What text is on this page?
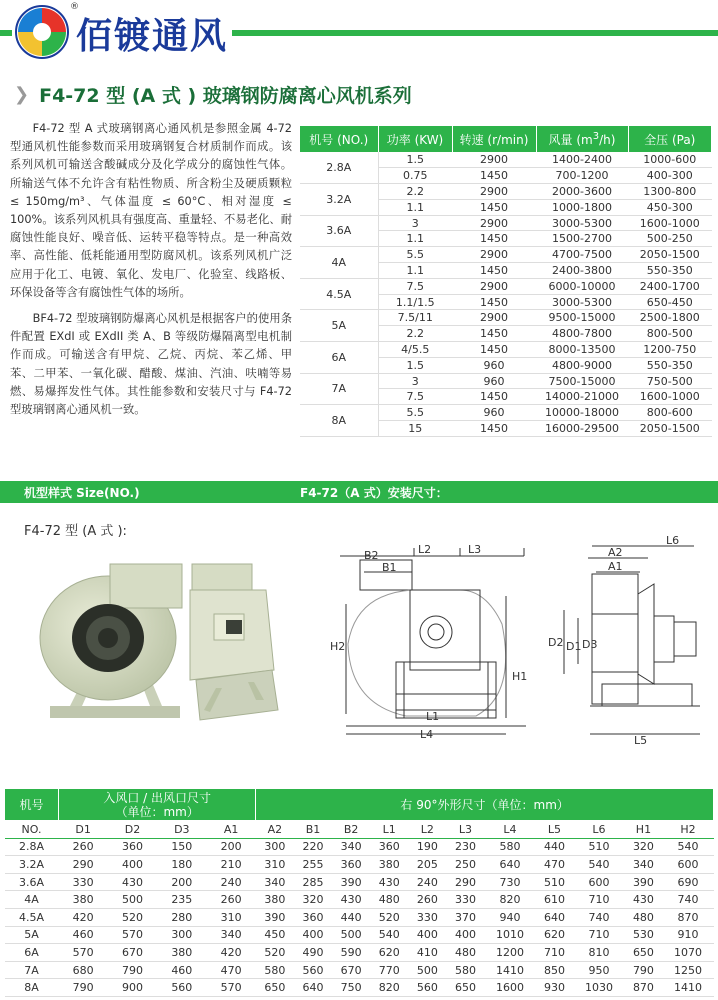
®
佰镀通风
❯ F4-72 型 (A 式 ) 玻璃钢防腐离心风机系列

F4-72 型 A 式玻璃钢离心通风机是参照金属 4-72 型通风机性能参数而采用玻璃钢复合材质制作而成。该系列风机可输送含酸碱成分及化学成分的腐蚀性气体。所输送气体不允许含有粘性物质、所含粉尘及硬质颗粒 ≤ 150mg/m³、气体温度 ≤ 60°C、相对湿度 ≤ 100%。该系列风机具有强度高、重量轻、不易老化、耐腐蚀性能良好、噪音低、运转平稳等特点。是一种高效率、高性能、低耗能通用型防腐风机。该系列风机广泛应用于化工、电镀、氧化、发电厂、化验室、线路板、环保设备等含有腐蚀性气体的场所。

BF4-72 型玻璃钢防爆离心风机是根据客户的使用条件配置 EXdI 或 EXdII 类 A、B 等级防爆隔离型电机制作而成。可输送含有甲烷、乙烷、丙烷、苯乙烯、甲苯、二甲苯、一氧化碳、醋酸、煤油、汽油、呋喃等易燃、易爆挥发性气体。其性能参数和安装尺寸与 F4-72 型玻璃钢离心通风机一致。

机号 (NO.)	功率 (KW)	转速 (r/min)	风量 $(m^3/h)$	全压 (Pa)
2.8A	1.5	2900	1400-2400	1000-600
	0.75	1450	700-1200	400-300
3.2A	2.2	2900	2000-3600	1300-800
	1.1	1450	1000-1800	450-300
3.6A	3	2900	3000-5300	1600-1000
	1.1	1450	1500-2700	500-250
4A	5.5	2900	4700-7500	2050-1500
	1.1	1450	2400-3800	550-350
4.5A	7.5	2900	6000-10000	2400-1700
	1.1/1.5	1450	3000-5300	650-450
5A	7.5/11	2900	9500-15000	2500-1800
	2.2	1450	4800-7800	800-500
6A	4/5.5	1450	8000-13500	1200-750
	1.5	960	4800-9000	550-350
7A	3	960	7500-15000	750-500
	7.5	1450	14000-21000	1600-1000
8A	5.5	960	10000-18000	800-600
	15	1450	16000-29500	2050-1500
机型样式 Size(NO.)	F4-72（A 式）安装尺寸：
F4-72 型 (A 式 ):
B2
B1
L2	L3
H2
H1
L1
L4
A2
A1
L6
D2 D1 D3
L5
机号	入风口 / 出风口尺寸
（单位：mm）				右 90°外形尺寸（单位：mm）										
NO.	D1	D2	D3	A1	A2	B1	B2	L1	L2	L3	L4	L5	L6	H1	H2
2.8A	260	360	150	200	300	220	340	360	190	230	580	440	510	320	540
3.2A	290	400	180	210	310	255	360	380	205	250	640	470	540	340	600
3.6A	330	430	200	240	340	285	390	430	240	290	730	510	600	390	690
4A	380	500	235	260	380	320	430	480	260	330	820	610	710	430	740
4.5A	420	520	280	310	390	360	440	520	330	370	940	640	740	480	870
5A	460	570	300	340	450	400	500	540	400	400	1010	620	710	530	910
6A	570	670	380	420	520	490	590	620	410	480	1200	710	810	650	1070
7A	680	790	460	470	580	560	670	770	500	580	1410	850	950	790	1250
8A	790	900	560	570	650	640	750	820	560	650	1600	930	1030	870	1410
